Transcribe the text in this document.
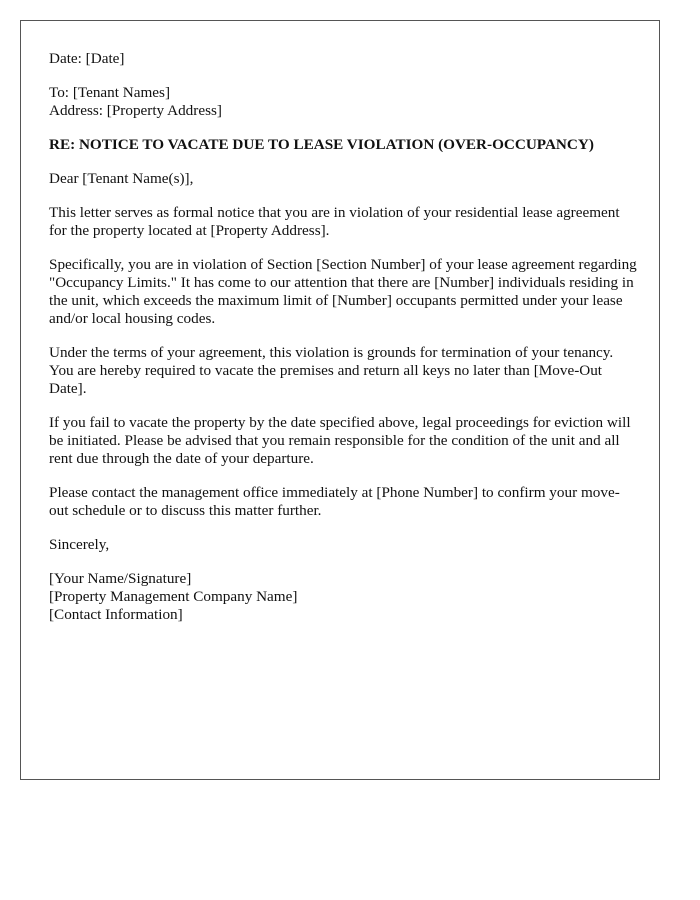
Date: [Date]

To: [Tenant Names]
Address: [Property Address]

RE: NOTICE TO VACATE DUE TO LEASE VIOLATION (OVER-OCCUPANCY)

Dear [Tenant Name(s)],

This letter serves as formal notice that you are in violation of your residential lease agreement for the property located at [Property Address].

Specifically, you are in violation of Section [Section Number] of your lease agreement regarding "Occupancy Limits." It has come to our attention that there are [Number] individuals residing in the unit, which exceeds the maximum limit of [Number] occupants permitted under your lease and/or local housing codes.

Under the terms of your agreement, this violation is grounds for termination of your tenancy. You are hereby required to vacate the premises and return all keys no later than [Move-Out Date].

If you fail to vacate the property by the date specified above, legal proceedings for eviction will be initiated. Please be advised that you remain responsible for the condition of the unit and all rent due through the date of your departure.

Please contact the management office immediately at [Phone Number] to confirm your move-out schedule or to discuss this matter further.

Sincerely,

[Your Name/Signature]
[Property Management Company Name]
[Contact Information]
